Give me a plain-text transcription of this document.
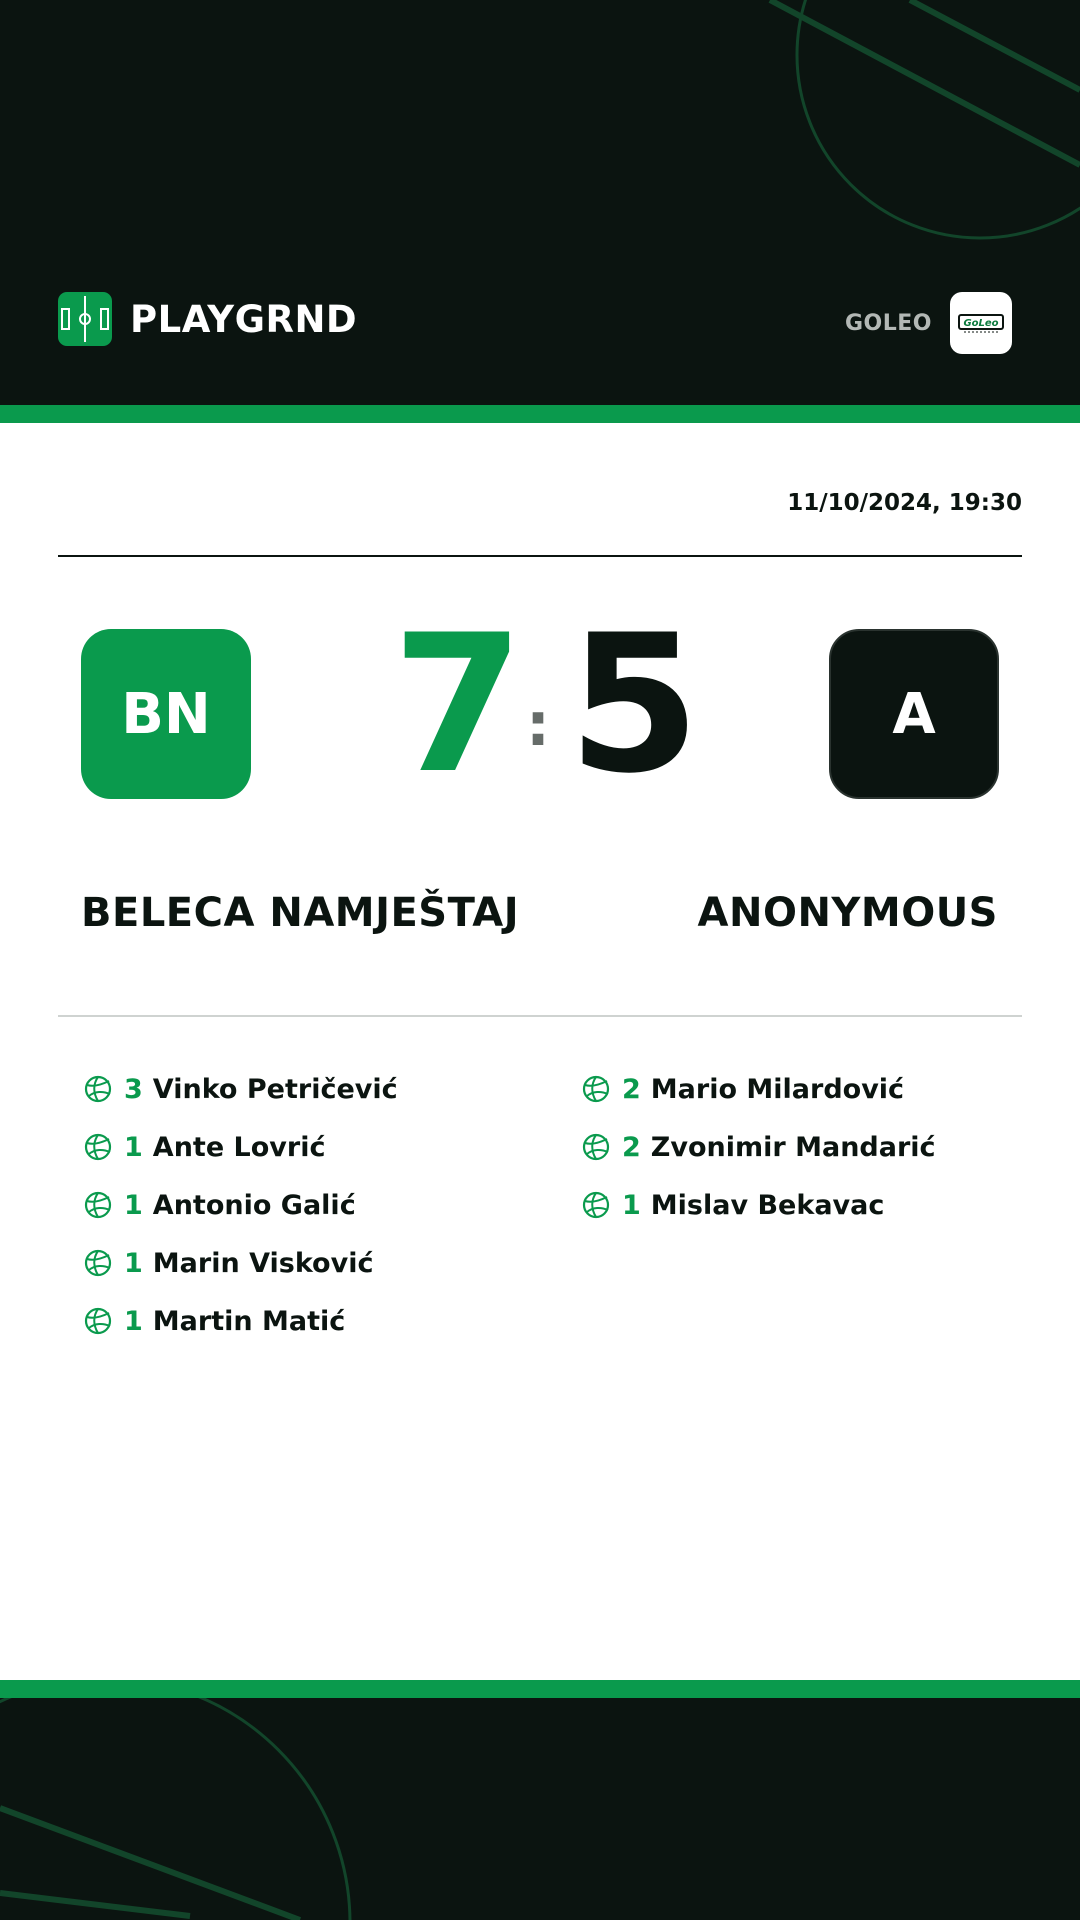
PLAYGRND	GOLEO	GoLeo
11/10/2024, 19:30
BN 7 : 5	A
BELECA NAMJEŠTAJ	ANONYMOUS
3 Vinko Petričević
1 Ante Lovrić
1 Antonio Galić
1 Marin Visković
1 Martin Matić
2 Mario Milardović
2 Zvonimir Mandarić
1 Mislav Bekavac
